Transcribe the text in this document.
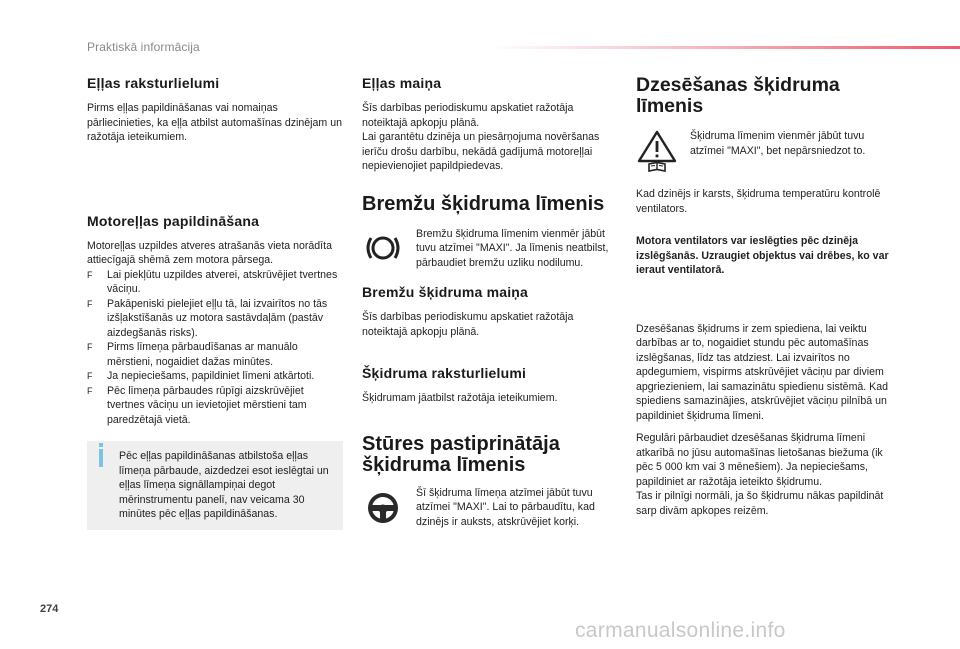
Praktiskā informācija
Eļļas raksturlielumi

Pirms eļļas papildināšanas vai nomaiņas pārliecinieties, ka eļļa atbilst automašīnas dzinējam un ražotāja ieteikumiem.

Motoreļļas papildināšana

Motoreļļas uzpildes atveres atrašanās vieta norādīta attiecīgajā shēmā zem motora pārsega.

F Lai piekļūtu uzpildes atverei, atskrūvējiet tvertnes vāciņu.
F Pakāpeniski pielejiet eļļu tā, lai izvairītos no tās izšļakstīšanās uz motora sastāvdaļām (pastāv aizdegšanās risks).
F Pirms līmeņa pārbaudīšanas ar manuālo mērstieni, nogaidiet dažas minūtes.
F Ja nepieciešams, papildiniet līmeni atkārtoti.
F Pēc līmeņa pārbaudes rūpīgi aizskrūvējiet tvertnes vāciņu un ievietojiet mērstieni tam paredzētajā vietā.

Pēc eļļas papildināšanas atbilstoša eļļas līmeņa pārbaude, aizdedzei esot ieslēgtai un eļļas līmeņa signāllampiņai degot mērinstrumentu panelī, nav veicama 30 minūtes pēc eļļas papildināšanas.

Eļļas maiņa

Šīs darbības periodiskumu apskatiet ražotāja noteiktajā apkopju plānā.

Lai garantētu dzinēja un piesārņojuma novēršanas ierīču drošu darbību, nekādā gadījumā motoreļļai nepievienojiet papildpiedevas.

Bremžu šķidruma līmenis

Bremžu šķidruma līmenim vienmēr jābūt tuvu atzīmei "MAXI". Ja līmenis neatbilst, pārbaudiet bremžu uzliku nodilumu.

Bremžu šķidruma maiņa

Šīs darbības periodiskumu apskatiet ražotāja noteiktajā apkopju plānā.

Šķidruma raksturlielumi

Šķidrumam jāatbilst ražotāja ieteikumiem.

Stūres pastiprinātāja
šķidruma līmenis

Šī šķidruma līmeņa atzīmei jābūt tuvu atzīmei "MAXI". Lai to pārbaudītu, kad dzinējs ir auksts, atskrūvējiet korķi.

Dzesēšanas šķidruma
līmenis

Šķidruma līmenim vienmēr jābūt tuvu atzīmei "MAXI", bet nepārsniedzot to.

Kad dzinējs ir karsts, šķidruma temperatūru kontrolē ventilators.

Motora ventilators var ieslēgties pēc dzinēja izslēgšanās. Uzraugiet objektus vai drēbes, ko var ieraut ventilatorā.

Dzesēšanas šķidrums ir zem spiediena, lai veiktu darbības ar to, nogaidiet stundu pēc automašīnas izslēgšanas, līdz tas atdziest. Lai izvairītos no apdegumiem, vispirms atskrūvējiet vāciņu par diviem apgriezieniem, lai samazinātu spiedienu sistēmā. Kad spiediens samazinājies, atskrūvējiet vāciņu pilnībā un papildiniet šķidruma līmeni.

Regulāri pārbaudiet dzesēšanas šķidruma līmeni atkarībā no jūsu automašīnas lietošanas biežuma (ik pēc 5 000 km vai 3 mēnešiem). Ja nepieciešams, papildiniet ar ražotāja ieteikto šķidrumu.

Tas ir pilnīgi normāli, ja šo šķidrumu nākas papildināt sarp divām apkopes reizēm.

274
carmanualsonline.info
